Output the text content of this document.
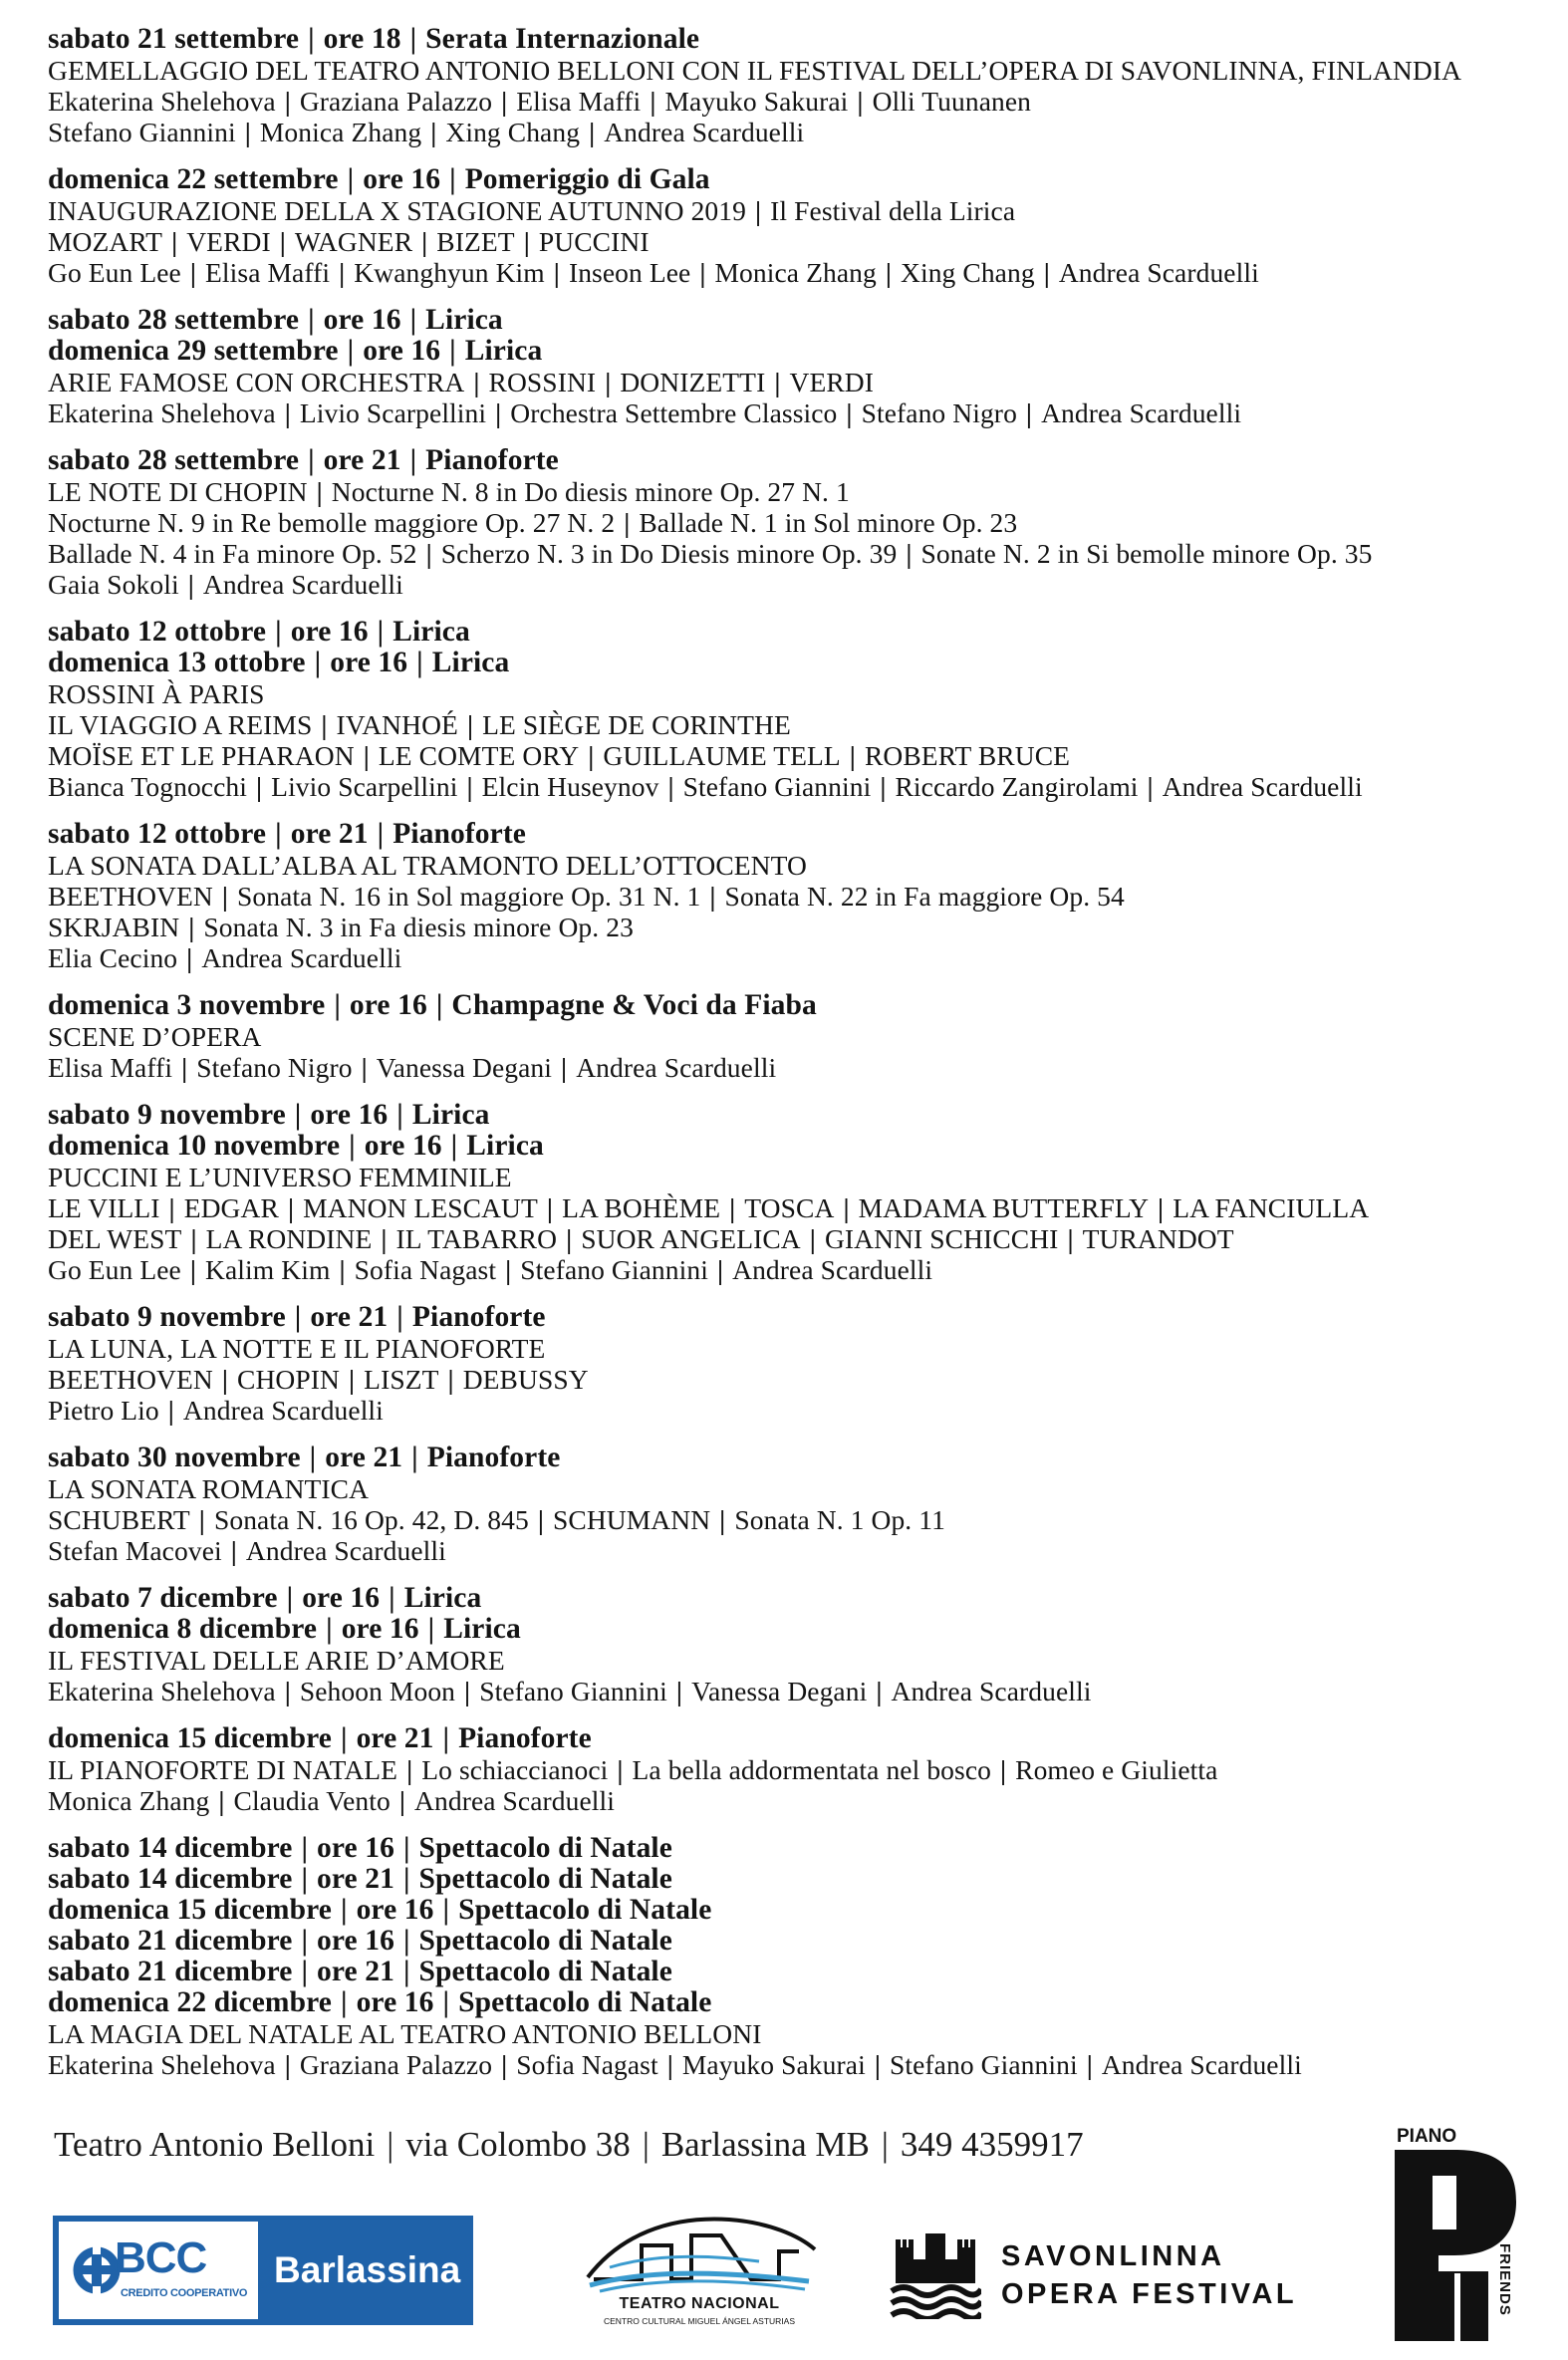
sabato 21 settembre | ore 18 | Serata Internazionale
GEMELLAGGIO DEL TEATRO ANTONIO BELLONI CON IL FESTIVAL DELL’OPERA DI SAVONLINNA, FINLANDIA
Ekaterina Shelehova | Graziana Palazzo | Elisa Maffi | Mayuko Sakurai | Olli Tuunanen
Stefano Giannini | Monica Zhang | Xing Chang | Andrea Scarduelli
domenica 22 settembre | ore 16 | Pomeriggio di Gala
INAUGURAZIONE DELLA X STAGIONE AUTUNNO 2019 | Il Festival della Lirica
MOZART | VERDI | WAGNER | BIZET | PUCCINI
Go Eun Lee | Elisa Maffi | Kwanghyun Kim | Inseon Lee | Monica Zhang | Xing Chang | Andrea Scarduelli
sabato 28 settembre | ore 16 | Lirica
domenica 29 settembre | ore 16 | Lirica
ARIE FAMOSE CON ORCHESTRA | ROSSINI | DONIZETTI | VERDI
Ekaterina Shelehova | Livio Scarpellini | Orchestra Settembre Classico | Stefano Nigro | Andrea Scarduelli
sabato 28 settembre | ore 21 | Pianoforte
LE NOTE DI CHOPIN | Nocturne N. 8 in Do diesis minore Op. 27 N. 1
Nocturne N. 9 in Re bemolle maggiore Op. 27 N. 2 | Ballade N. 1 in Sol minore Op. 23
Ballade N. 4 in Fa minore Op. 52 | Scherzo N. 3 in Do Diesis minore Op. 39 | Sonate N. 2 in Si bemolle minore Op. 35
Gaia Sokoli | Andrea Scarduelli
sabato 12 ottobre | ore 16 | Lirica
domenica 13 ottobre | ore 16 | Lirica
ROSSINI À PARIS
IL VIAGGIO A REIMS | IVANHOÉ | LE SIÈGE DE CORINTHE
MOÏSE ET LE PHARAON | LE COMTE ORY | GUILLAUME TELL | ROBERT BRUCE
Bianca Tognocchi | Livio Scarpellini | Elcin Huseynov | Stefano Giannini | Riccardo Zangirolami | Andrea Scarduelli
sabato 12 ottobre | ore 21 | Pianoforte
LA SONATA DALL’ALBA AL TRAMONTO DELL’OTTOCENTO
BEETHOVEN | Sonata N. 16 in Sol maggiore Op. 31 N. 1 | Sonata N. 22 in Fa maggiore Op. 54
SKRJABIN | Sonata N. 3 in Fa diesis minore Op. 23
Elia Cecino | Andrea Scarduelli
domenica 3 novembre | ore 16 | Champagne & Voci da Fiaba
SCENE D’OPERA
Elisa Maffi | Stefano Nigro | Vanessa Degani | Andrea Scarduelli
sabato 9 novembre | ore 16 | Lirica
domenica 10 novembre | ore 16 | Lirica
PUCCINI E L’UNIVERSO FEMMINILE
LE VILLI | EDGAR | MANON LESCAUT | LA BOHÈME | TOSCA | MADAMA BUTTERFLY | LA FANCIULLA
DEL WEST | LA RONDINE | IL TABARRO | SUOR ANGELICA | GIANNI SCHICCHI | TURANDOT
Go Eun Lee | Kalim Kim | Sofia Nagast | Stefano Giannini | Andrea Scarduelli
sabato 9 novembre | ore 21 | Pianoforte
LA LUNA, LA NOTTE E IL PIANOFORTE
BEETHOVEN | CHOPIN | LISZT | DEBUSSY
Pietro Lio | Andrea Scarduelli
sabato 30 novembre | ore 21 | Pianoforte
LA SONATA ROMANTICA
SCHUBERT | Sonata N. 16 Op. 42, D. 845 | SCHUMANN | Sonata N. 1 Op. 11
Stefan Macovei | Andrea Scarduelli
sabato 7 dicembre | ore 16 | Lirica
domenica 8 dicembre | ore 16 | Lirica
IL FESTIVAL DELLE ARIE D’AMORE
Ekaterina Shelehova | Sehoon Moon | Stefano Giannini | Vanessa Degani | Andrea Scarduelli
domenica 15 dicembre | ore 21 | Pianoforte
IL PIANOFORTE DI NATALE | Lo schiaccianoci | La bella addormentata nel bosco | Romeo e Giulietta
Monica Zhang | Claudia Vento | Andrea Scarduelli
sabato 14 dicembre | ore 16 | Spettacolo di Natale
sabato 14 dicembre | ore 21 | Spettacolo di Natale
domenica 15 dicembre | ore 16 | Spettacolo di Natale
sabato 21 dicembre | ore 16 | Spettacolo di Natale
sabato 21 dicembre | ore 21 | Spettacolo di Natale
domenica 22 dicembre | ore 16 | Spettacolo di Natale
LA MAGIA DEL NATALE AL TEATRO ANTONIO BELLONI
Ekaterina Shelehova | Graziana Palazzo | Sofia Nagast | Mayuko Sakurai | Stefano Giannini | Andrea Scarduelli
Teatro Antonio Belloni | via Colombo 38 | Barlassina MB | 349 4359917
BCC
CREDITO COOPERATIVO
Barlassina
TEATRO NACIONAL
CENTRO CULTURAL MIGUEL ÁNGEL ASTURIAS
SAVONLINNA
OPERA FESTIVAL
PIANO
FRIENDS
